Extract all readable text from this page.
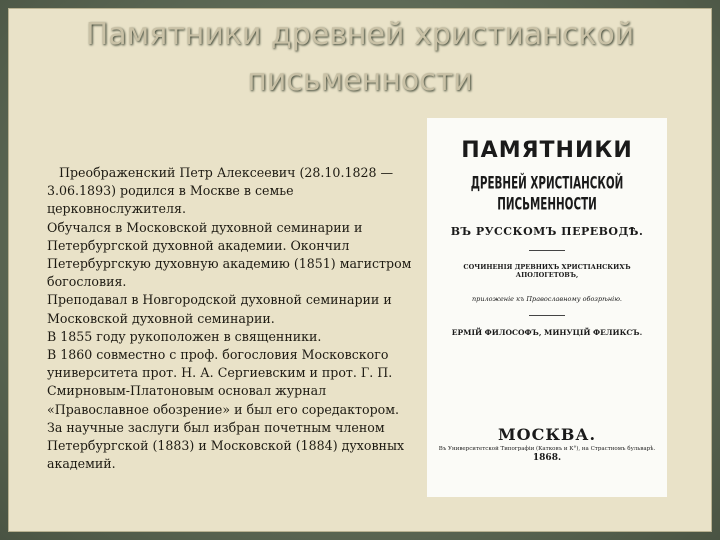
Памятники древней христианской
письменности

Преображенский Петр Алексеевич (28.10.1828 — 3.06.1893) родился в Москве в семье церковнослужителя.

Обучался в Московской духовной семинарии и Петербургской духовной академии. Окончил Петербургскую духовную академию (1851) магистром богословия.

Преподавал в Новгородской духовной семинарии и Московской духовной семинарии.

В 1855 году рукоположен в священники.

В 1860 совместно с проф. богословия Московского университета прот. Н. А. Сергиевским и прот. Г. П. Смирновым-Платоновым основал журнал «Православное обозрение» и был его соредактором.

За научные заслуги был избран почетным членом Петербургской (1883) и Московской (1884) духовных академий.

ПАМЯТНИКИ
ДРЕВНЕЙ ХРИСТІАНСКОЙ ПИСЬМЕННОСТИ
ВЪ РУССКОМЪ ПЕРЕВОДѢ.
СОЧИНЕНІЯ ДРЕВНИХЪ ХРИСТІАНСКИХЪ АПОЛОГЕТОВЪ,
приложеніе къ Православному обозрѣнію.
ЕРМІЙ ФИЛОСОФЪ, МИНУЦІЙ ФЕЛИКСЪ.
МОСКВА.
Въ Университетской Типографіи (Катковъ и К°), на Страстномъ бульварѣ.
1868.
